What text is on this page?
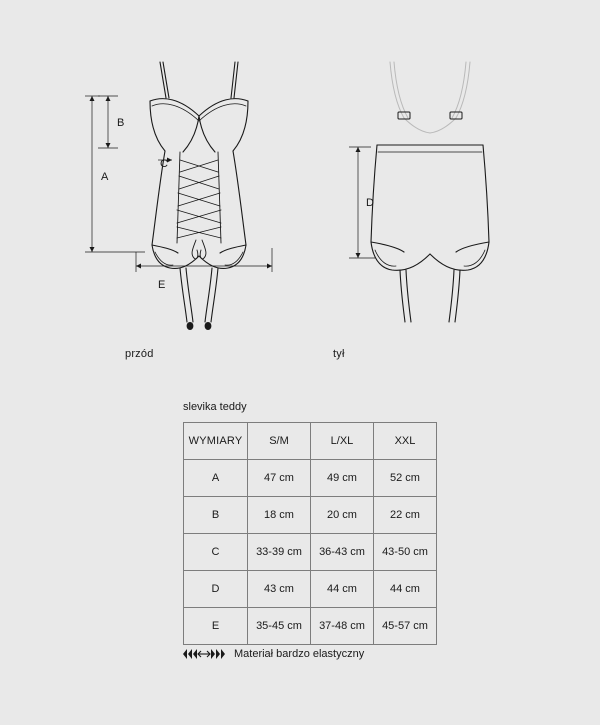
B
A
C
E
D
przód	tył
slevika teddy
WYMIARY	S/M	L/XL	XXL
A	47 cm	49 cm	52 cm
B	18 cm	20 cm	22 cm
C	33-39 cm	36-43 cm	43-50 cm
D	43 cm	44 cm	44 cm
E	35-45 cm	37-48 cm	45-57 cm
Materiał bardzo elastyczny
